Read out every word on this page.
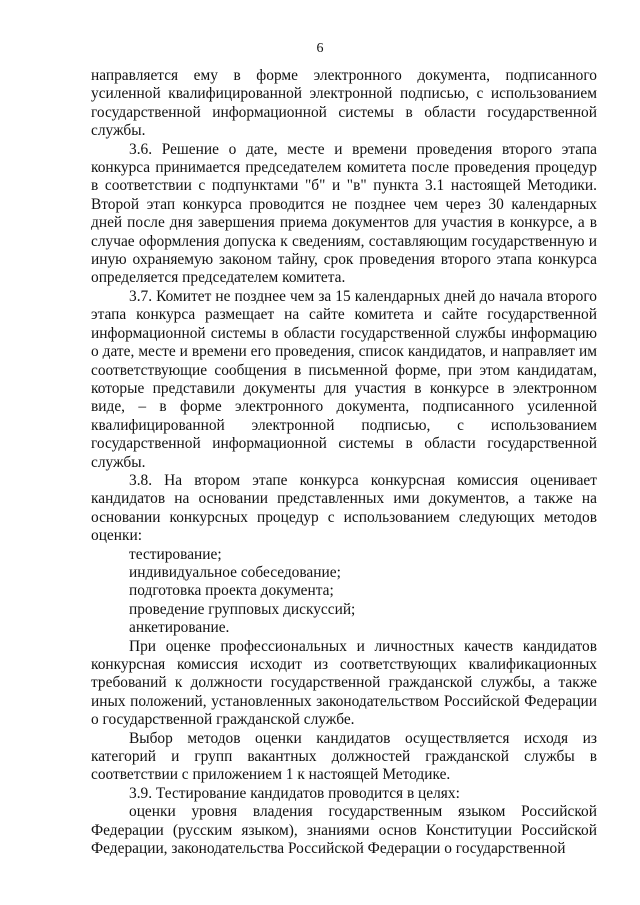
6

направляется ему в форме электронного документа, подписанного усиленной квалифицированной электронной подписью, с использованием государственной информационной системы в области государственной службы.

3.6. Решение о дате, месте и времени проведения второго этапа конкурса принимается председателем комитета после проведения процедур в соответствии с подпунктами "б" и "в" пункта 3.1 настоящей Методики. Второй этап конкурса проводится не позднее чем через 30 календарных дней после дня завершения приема документов для участия в конкурсе, а в случае оформления допуска к сведениям, составляющим государственную и иную охраняемую законом тайну, срок проведения второго этапа конкурса определяется председателем комитета.

3.7. Комитет не позднее чем за 15 календарных дней до начала второго этапа конкурса размещает на сайте комитета и сайте государственной информационной системы в области государственной службы информацию о дате, месте и времени его проведения, список кандидатов, и направляет им соответствующие сообщения в письменной форме, при этом кандидатам, которые представили документы для участия в конкурсе в электронном виде, – в форме электронного документа, подписанного усиленной квалифицированной электронной подписью, с использованием государственной информационной системы в области государственной службы.

3.8. На втором этапе конкурса конкурсная комиссия оценивает кандидатов на основании представленных ими документов, а также на основании конкурсных процедур с использованием следующих методов оценки:

тестирование;

индивидуальное собеседование;

подготовка проекта документа;

проведение групповых дискуссий;

анкетирование.

При оценке профессиональных и личностных качеств кандидатов конкурсная комиссия исходит из соответствующих квалификационных требований к должности государственной гражданской службы, а также иных положений, установленных законодательством Российской Федерации о государственной гражданской службе.

Выбор методов оценки кандидатов осуществляется исходя из категорий и групп вакантных должностей гражданской службы в соответствии с приложением 1 к настоящей Методике.

3.9. Тестирование кандидатов проводится в целях:

оценки уровня владения государственным языком Российской Федерации (русским языком), знаниями основ Конституции Российской Федерации, законодательства Российской Федерации о государственной
